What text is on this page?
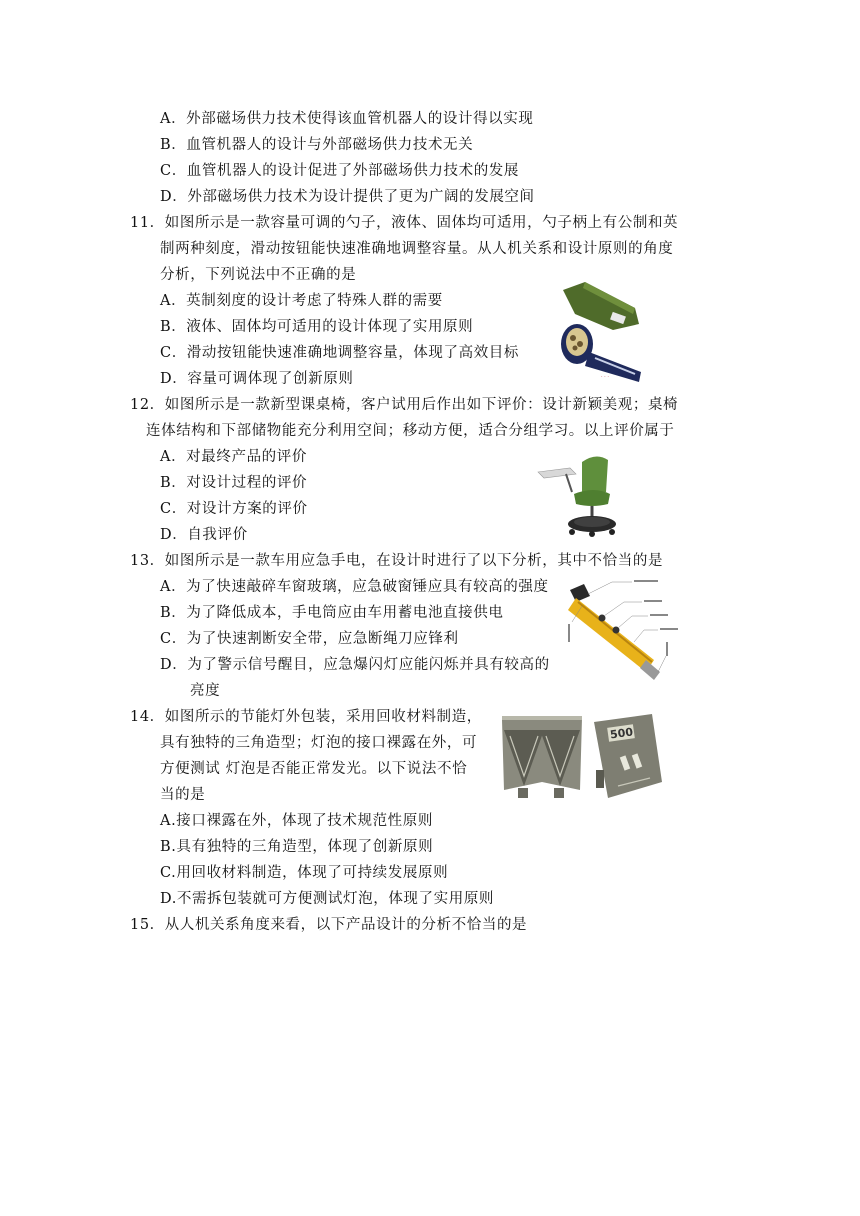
A．外部磁场供力技术使得该血管机器人的设计得以实现
B．血管机器人的设计与外部磁场供力技术无关
C．血管机器人的设计促进了外部磁场供力技术的发展
D．外部磁场供力技术为设计提供了更为广阔的发展空间
11．如图所示是一款容量可调的勺子，液体、固体均可适用，勺子柄上有公制和英
制两种刻度，滑动按钮能快速准确地调整容量。从人机关系和设计原则的角度
分析，下列说法中不正确的是
A．英制刻度的设计考虑了特殊人群的需要
B．液体、固体均可适用的设计体现了实用原则
C．滑动按钮能快速准确地调整容量，体现了高效目标
D．容量可调体现了创新原则	· · ·
12．如图所示是一款新型课桌椅，客户试用后作出如下评价：设计新颖美观；桌椅
连体结构和下部储物能充分利用空间；移动方便，适合分组学习。以上评价属于
A．对最终产品的评价
B．对设计过程的评价
C．对设计方案的评价
D．自我评价
13．如图所示是一款车用应急手电，在设计时进行了以下分析，其中不恰当的是
A．为了快速敲碎车窗玻璃，应急破窗锤应具有较高的强度
B．为了降低成本，手电筒应由车用蓄电池直接供电
C．为了快速割断安全带，应急断绳刀应锋利
D．为了警示信号醒目，应急爆闪灯应能闪烁并具有较高的
亮度
14．如图所示的节能灯外包装，采用回收材料制造，
具有独特的三角造型；灯泡的接口裸露在外，可
方便测试 灯泡是否能正常发光。以下说法不恰
当的是
A.接口裸露在外，体现了技术规范性原则
B.具有独特的三角造型，体现了创新原则
C.用回收材料制造，体现了可持续发展原则
D.不需拆包装就可方便测试灯泡，体现了实用原则
500
15．从人机关系角度来看，以下产品设计的分析不恰当的是
